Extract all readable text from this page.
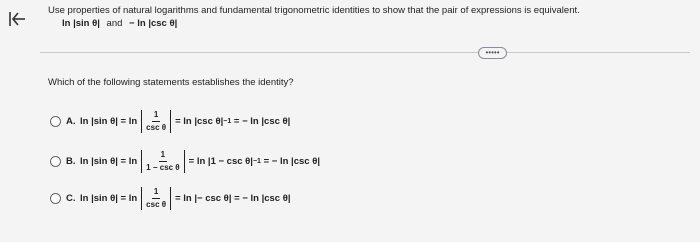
Use properties of natural logarithms and fundamental trigonometric identities to show that the pair of expressions is equivalent.
ln |sin θ| and − ln |csc θ|
•••••
Which of the following statements establishes the identity?
A. ln |sin $\theta| = \ln \frac{1}{\text{csc θ}} = \ln |\csc$ θ| −1 = − ln |csc θ|
B. ln |sin $\theta| = \ln \frac{1}{\text{1 − csc θ}} = \ln |1 - \csc \theta| -1$ = − ln |csc θ|
C. ln |sin $\theta| = \ln \frac{1}{\text{csc θ}} = \ln$ |− csc θ| = − ln |csc θ|
